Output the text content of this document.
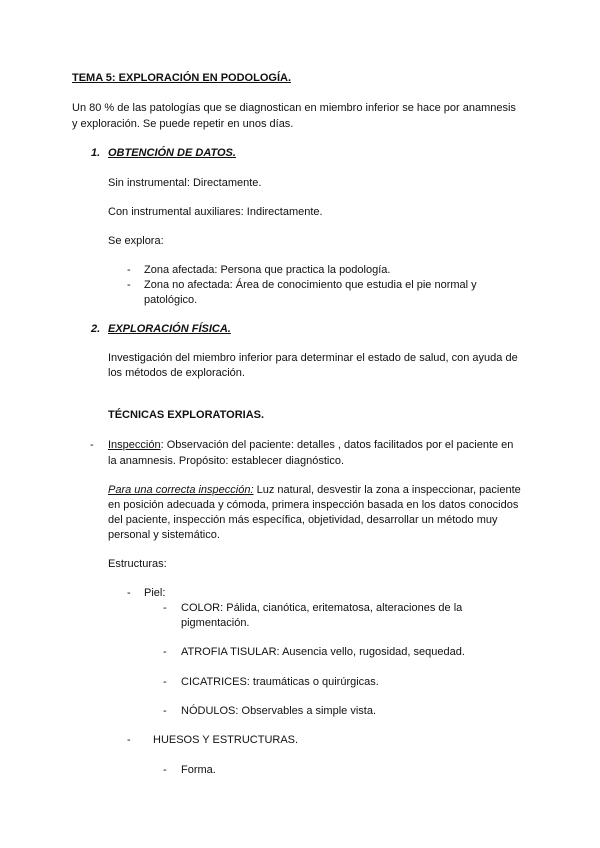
TEMA 5: EXPLORACIÓN EN PODOLOGÍA.
Un 80 % de las patologías que se diagnostican en miembro inferior se hace por anamnesis
y exploración. Se puede repetir en unos días.
1. OBTENCIÓN DE DATOS.
Sin instrumental: Directamente.
Con instrumental auxiliares: Indirectamente.
Se explora:
- Zona afectada: Persona que practica la podología.
- Zona no afectada: Área de conocimiento que estudia el pie normal y
patológico.
2. EXPLORACIÓN FÍSICA.
Investigación del miembro inferior para determinar el estado de salud, con ayuda de
los métodos de exploración.
TÉCNICAS EXPLORATORIAS.
- Inspección: Observación del paciente: detalles , datos facilitados por el paciente en
la anamnesis. Propósito: establecer diagnóstico.
Para una correcta inspección: Luz natural, desvestir la zona a inspeccionar, paciente
en posición adecuada y cómoda, primera inspección basada en los datos conocidos
del paciente, inspección más específica, objetividad, desarrollar un método muy
personal y sistemático.
Estructuras:
- Piel:
- COLOR: Pálida, cianótica, eritematosa, alteraciones de la
pigmentación.
- ATROFIA TISULAR: Ausencia vello, rugosidad, sequedad.
- CICATRICES: traumáticas o quirúrgicas.
- NÓDULOS: Observables a simple vista.
- HUESOS Y ESTRUCTURAS.
- Forma.
